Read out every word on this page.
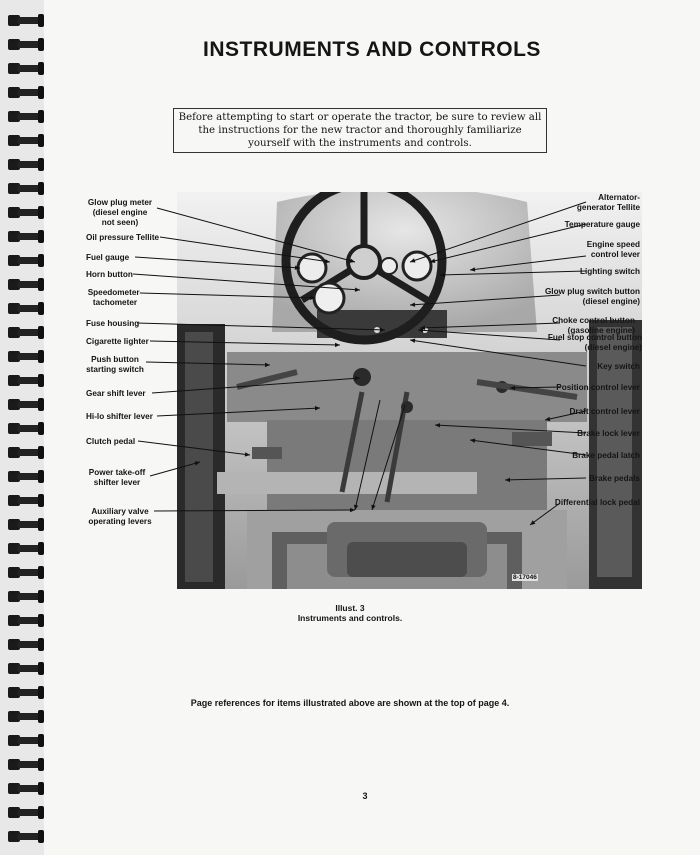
INSTRUMENTS AND CONTROLS
Before attempting to start or operate the tractor, be sure to review all the instructions for the new tractor and thoroughly familiarize yourself with the instruments and controls.
8-17046
Glow plug meter
(diesel engine
not seen)
Oil pressure Tellite
Fuel gauge
Horn button
Speedometer-
tachometer
Fuse housing
Cigarette lighter
Push button
starting switch
Gear shift lever
Hi-lo shifter lever
Clutch pedal
Power take-off
shifter lever
Auxiliary valve
operating levers
Alternator-
generator Tellite
Temperature gauge
Engine speed
control lever
Lighting switch
Glow plug switch button
(diesel engine)
Choke control button
(gasoline engine)
Fuel stop control button
(diesel engine)
Key switch
Position control lever
Draft control lever
Brake lock lever
Brake pedal latch
Brake pedals
Differential lock pedal
Illust. 3
Instruments and controls.
Page references for items illustrated above are shown at the top of page 4.
3
